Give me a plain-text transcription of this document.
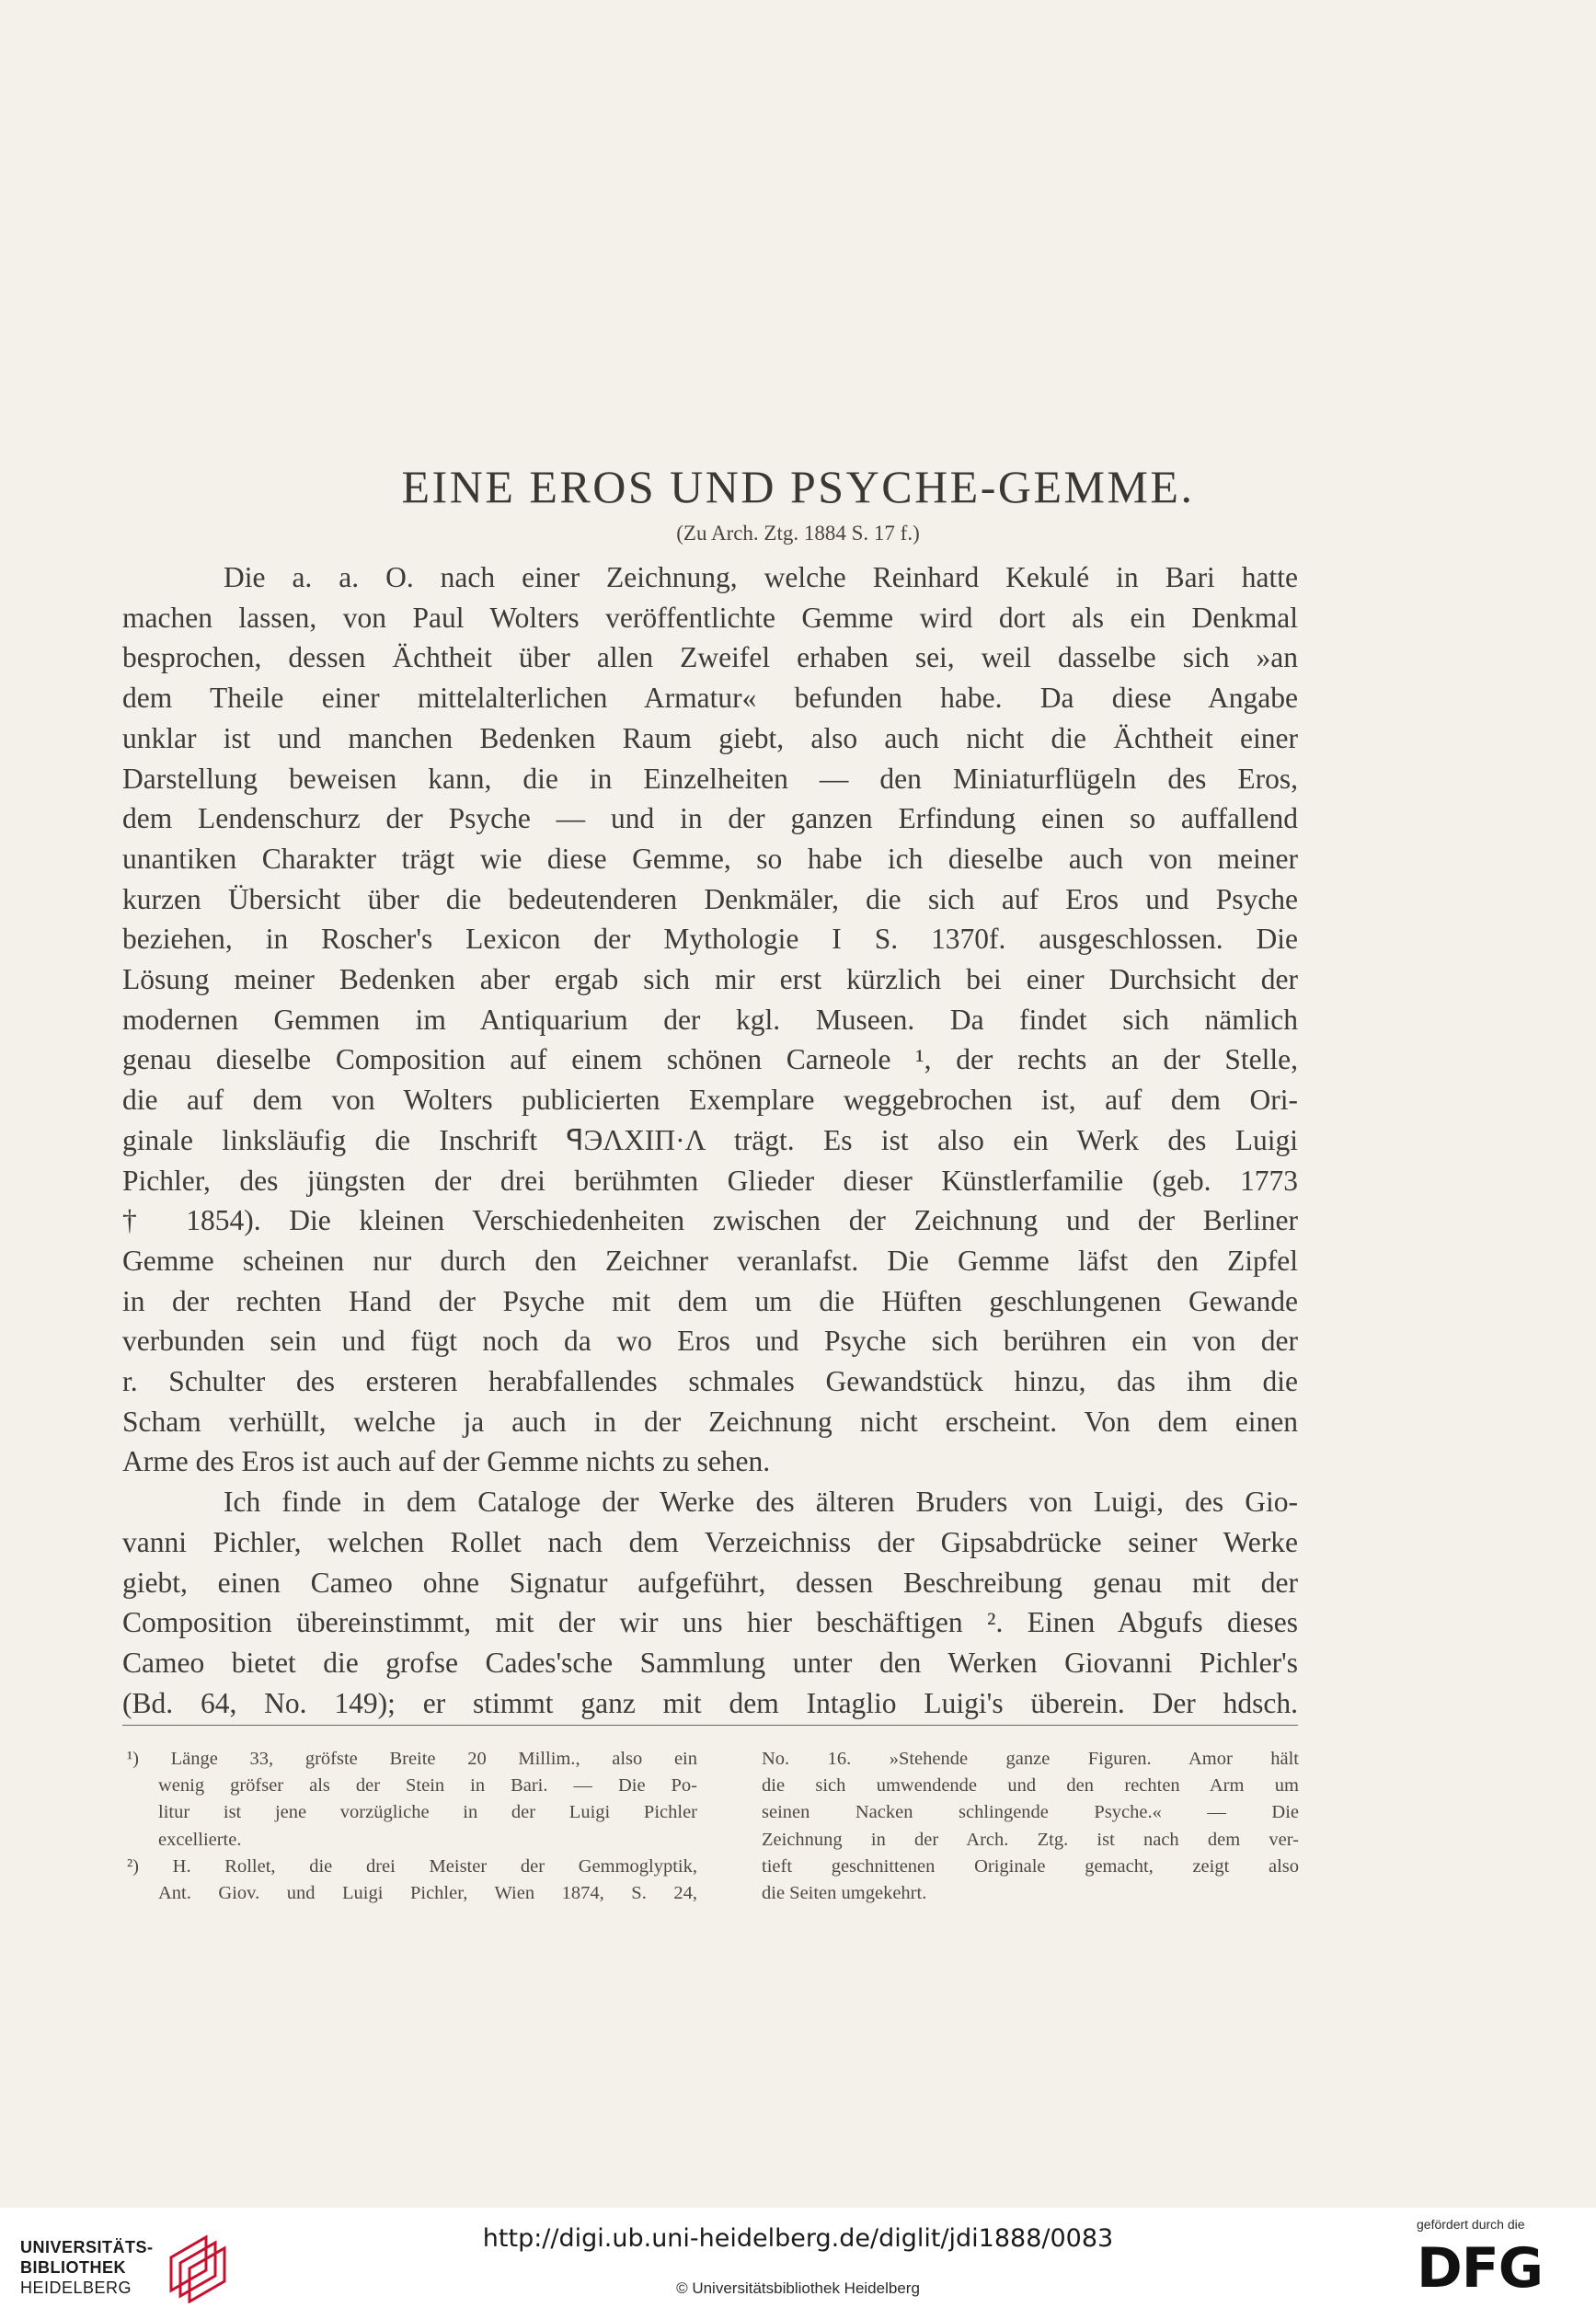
EINE EROS UND PSYCHE-GEMME.

(Zu Arch. Ztg. 1884 S. 17 f.)

Die a. a. O. nach einer Zeichnung, welche Reinhard Kekulé in Bari hatte
machen lassen, von Paul Wolters veröffentlichte Gemme wird dort als ein Denkmal
besprochen, dessen Ächtheit über allen Zweifel erhaben sei, weil dasselbe sich »an
dem Theile einer mittelalterlichen Armatur« befunden habe. Da diese Angabe
unklar ist und manchen Bedenken Raum giebt, also auch nicht die Ächtheit einer
Darstellung beweisen kann, die in Einzelheiten — den Miniaturflügeln des Eros,
dem Lendenschurz der Psyche — und in der ganzen Erfindung einen so auffallend
unantiken Charakter trägt wie diese Gemme, so habe ich dieselbe auch von meiner
kurzen Übersicht über die bedeutenderen Denkmäler, die sich auf Eros und Psyche
beziehen, in Roscher's Lexicon der Mythologie I S. 1370f. ausgeschlossen. Die
Lösung meiner Bedenken aber ergab sich mir erst kürzlich bei einer Durchsicht der
modernen Gemmen im Antiquarium der kgl. Museen. Da findet sich nämlich
genau dieselbe Composition auf einem schönen Carneole ¹, der rechts an der Stelle,
die auf dem von Wolters publicierten Exemplare weggebrochen ist, auf dem Ori-
ginale linksläufig die Inschrift ꟼЭΛXIΠ·Λ trägt. Es ist also ein Werk des Luigi
Pichler, des jüngsten der drei berühmten Glieder dieser Künstlerfamilie (geb. 1773
† 1854). Die kleinen Verschiedenheiten zwischen der Zeichnung und der Berliner
Gemme scheinen nur durch den Zeichner veranlafst. Die Gemme läfst den Zipfel
in der rechten Hand der Psyche mit dem um die Hüften geschlungenen Gewande
verbunden sein und fügt noch da wo Eros und Psyche sich berühren ein von der
r. Schulter des ersteren herabfallendes schmales Gewandstück hinzu, das ihm die
Scham verhüllt, welche ja auch in der Zeichnung nicht erscheint. Von dem einen
Arme des Eros ist auch auf der Gemme nichts zu sehen.
Ich finde in dem Cataloge der Werke des älteren Bruders von Luigi, des Gio-
vanni Pichler, welchen Rollet nach dem Verzeichniss der Gipsabdrücke seiner Werke
giebt, einen Cameo ohne Signatur aufgeführt, dessen Beschreibung genau mit der
Composition übereinstimmt, mit der wir uns hier beschäftigen ². Einen Abgufs dieses
Cameo bietet die grofse Cades'sche Sammlung unter den Werken Giovanni Pichler's
(Bd. 64, No. 149); er stimmt ganz mit dem Intaglio Luigi's überein. Der hdsch.
¹) Länge 33, gröfste Breite 20 Millim., also ein
wenig gröfser als der Stein in Bari. — Die Po-
litur ist jene vorzügliche in der Luigi Pichler
excellierte.
²) H. Rollet, die drei Meister der Gemmoglyptik,
Ant. Giov. und Luigi Pichler, Wien 1874, S. 24,
No. 16. »Stehende ganze Figuren. Amor hält
die sich umwendende und den rechten Arm um
seinen Nacken schlingende Psyche.« — Die
Zeichnung in der Arch. Ztg. ist nach dem ver-
tieft geschnittenen Originale gemacht, zeigt also
die Seiten umgekehrt.
UNIVERSITÄTS-
BIBLIOTHEK
HEIDELBERG
http://digi.ub.uni-heidelberg.de/diglit/jdi1888/0083
© Universitätsbibliothek Heidelberg
gefördert durch die
DFG
